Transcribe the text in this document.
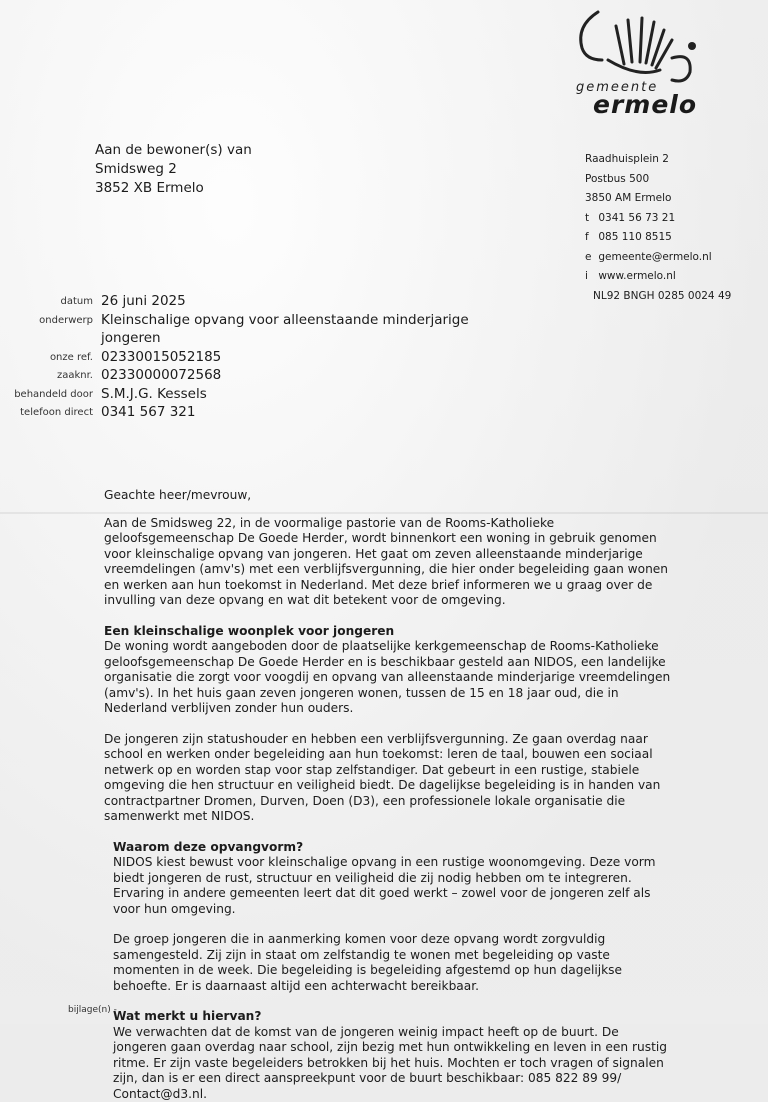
gemeente
ermelo
Aan de bewoner(s) van
Smidsweg 2
3852 XB Ermelo
Raadhuisplein 2
Postbus 500
3850 AM Ermelo
t 0341 56 73 21
f 085 110 8515
e gemeente@ermelo.nl
i www.ermelo.nl
NL92 BNGH 0285 0024 49
datum 26 juni 2025
onderwerp Kleinschalige opvang voor alleenstaande minderjarige
jongeren
onze ref. 02330015052185
zaaknr. 02330000072568
behandeld door S.M.J.G. Kessels
telefoon direct 0341 567 321

Geachte heer/mevrouw,

Aan de Smidsweg 22, in de voormalige pastorie van de Rooms-Katholieke geloofsgemeenschap De Goede Herder, wordt binnenkort een woning in gebruik genomen voor kleinschalige opvang van jongeren. Het gaat om zeven alleenstaande minderjarige vreemdelingen (amv's) met een verblijfsvergunning, die hier onder begeleiding gaan wonen en werken aan hun toekomst in Nederland. Met deze brief informeren we u graag over de invulling van deze opvang en wat dit betekent voor de omgeving.

Een kleinschalige woonplek voor jongeren

De woning wordt aangeboden door de plaatselijke kerkgemeenschap de Rooms-Katholieke geloofsgemeenschap De Goede Herder en is beschikbaar gesteld aan NIDOS, een landelijke organisatie die zorgt voor voogdij en opvang van alleenstaande minderjarige vreemdelingen (amv's). In het huis gaan zeven jongeren wonen, tussen de 15 en 18 jaar oud, die in Nederland verblijven zonder hun ouders.

De jongeren zijn statushouder en hebben een verblijfsvergunning. Ze gaan overdag naar school en werken onder begeleiding aan hun toekomst: leren de taal, bouwen een sociaal netwerk op en worden stap voor stap zelfstandiger. Dat gebeurt in een rustige, stabiele omgeving die hen structuur en veiligheid biedt. De dagelijkse begeleiding is in handen van contractpartner Dromen, Durven, Doen (D3), een professionele lokale organisatie die samenwerkt met NIDOS.

Waarom deze opvangvorm?

NIDOS kiest bewust voor kleinschalige opvang in een rustige woonomgeving. Deze vorm biedt jongeren de rust, structuur en veiligheid die zij nodig hebben om te integreren. Ervaring in andere gemeenten leert dat dit goed werkt – zowel voor de jongeren zelf als voor hun omgeving.

De groep jongeren die in aanmerking komen voor deze opvang wordt zorgvuldig samengesteld. Zij zijn in staat om zelfstandig te wonen met begeleiding op vaste momenten in de week. Die begeleiding is begeleiding afgestemd op hun dagelijkse behoefte. Er is daarnaast altijd een achterwacht bereikbaar.

Wat merkt u hiervan?

We verwachten dat de komst van de jongeren weinig impact heeft op de buurt. De jongeren gaan overdag naar school, zijn bezig met hun ontwikkeling en leven in een rustig ritme. Er zijn vaste begeleiders betrokken bij het huis. Mochten er toch vragen of signalen zijn, dan is er een direct aanspreekpunt voor de buurt beschikbaar: 085 822 89 99/ Contact@d3.nl.

bijlage(n) -
